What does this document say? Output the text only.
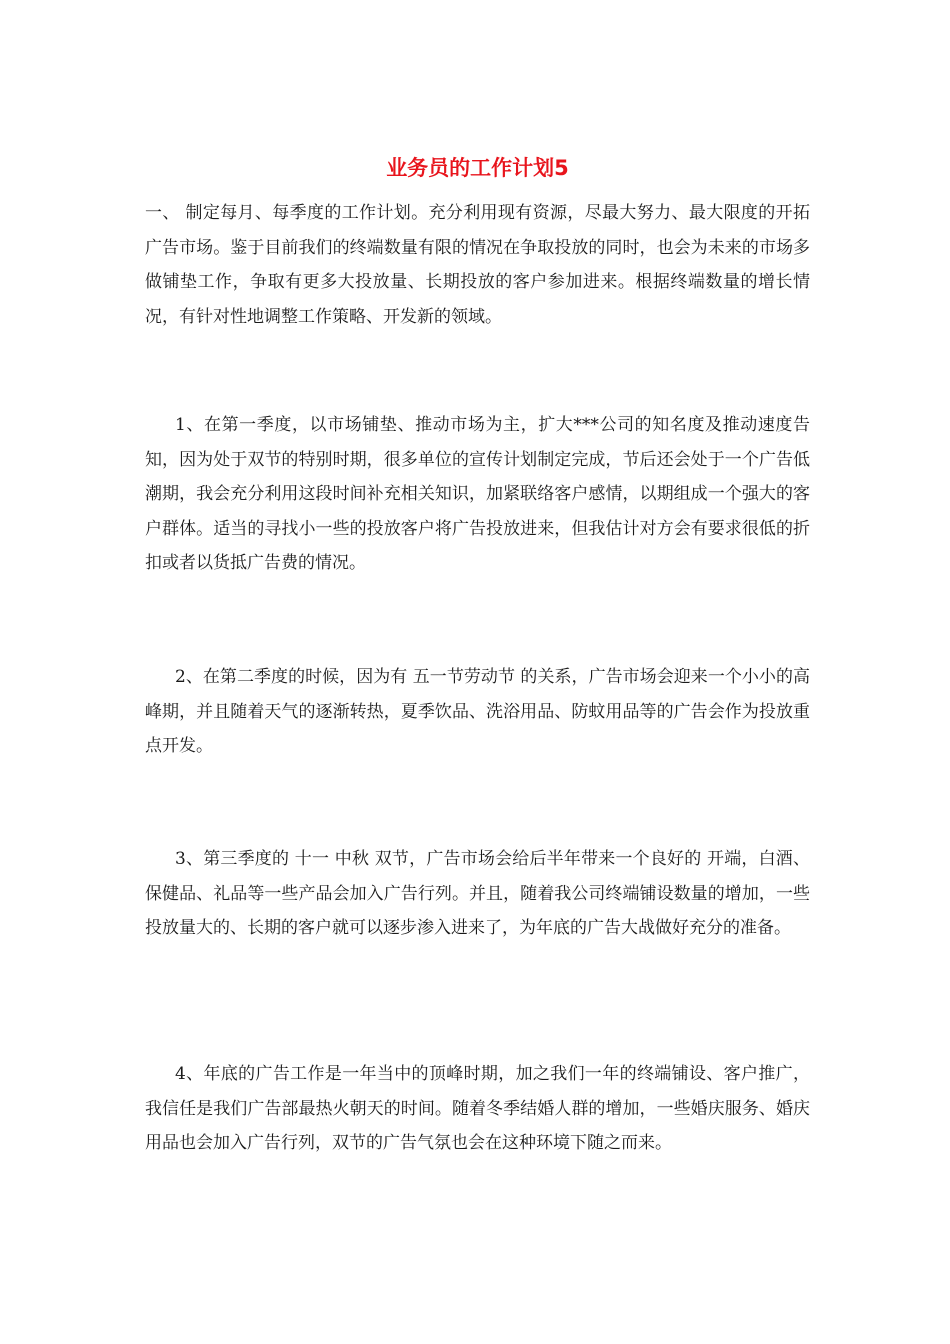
业务员的工作计划5

一、 制定每月、每季度的工作计划。充分利用现有资源，尽最大努力、最大限度的开拓广告市场。鉴于目前我们的终端数量有限的情况在争取投放的同时，也会为未来的市场多做铺垫工作，争取有更多大投放量、长期投放的客户参加进来。根据终端数量的增长情况，有针对性地调整工作策略、开发新的领域。

1、在第一季度，以市场铺垫、推动市场为主，扩大***公司的知名度及推动速度告知，因为处于双节的特别时期，很多单位的宣传计划制定完成，节后还会处于一个广告低潮期，我会充分利用这段时间补充相关知识，加紧联络客户感情，以期组成一个强大的客户群体。适当的寻找小一些的投放客户将广告投放进来，但我估计对方会有要求很低的折扣或者以货抵广告费的情况。

2、在第二季度的时候，因为有 五一节劳动节 的关系，广告市场会迎来一个小小的高峰期，并且随着天气的逐渐转热，夏季饮品、洗浴用品、防蚊用品等的广告会作为投放重点开发。

3、第三季度的 十一 中秋 双节，广告市场会给后半年带来一个良好的 开端，白酒、保健品、礼品等一些产品会加入广告行列。并且，随着我公司终端铺设数量的增加，一些投放量大的、长期的客户就可以逐步渗入进来了，为年底的广告大战做好充分的准备。

4、年底的广告工作是一年当中的顶峰时期，加之我们一年的终端铺设、客户推广，我信任是我们广告部最热火朝天的时间。随着冬季结婚人群的增加，一些婚庆服务、婚庆用品也会加入广告行列，双节的广告气氛也会在这种环境下随之而来。
